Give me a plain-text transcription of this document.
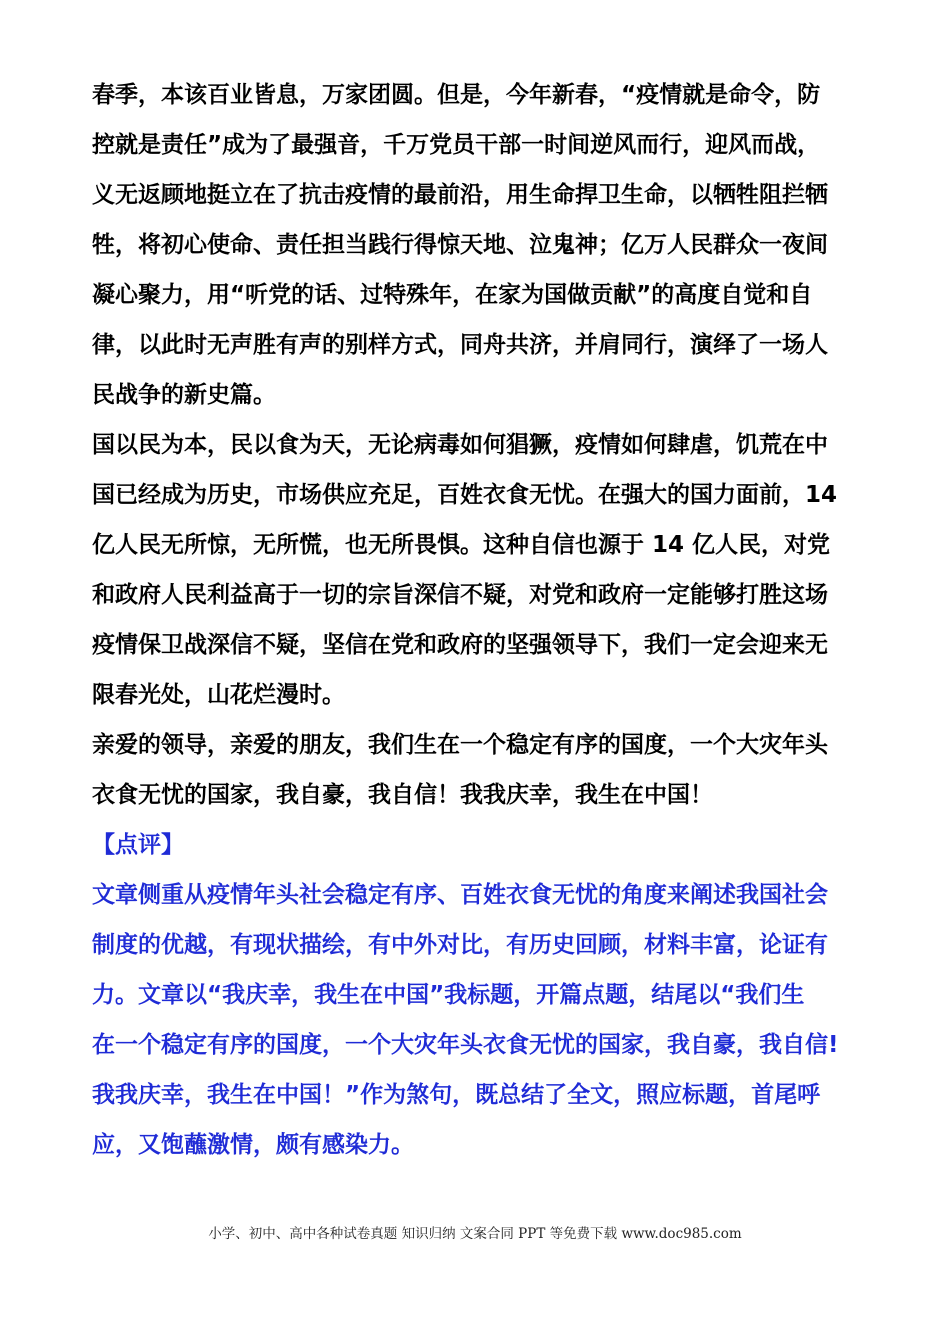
春季，本该百业皆息，万家团圆。但是，今年新春，“疫情就是命令，防
控就是责任”成为了最强音，千万党员干部一时间逆风而行，迎风而战，
义无返顾地挺立在了抗击疫情的最前沿，用生命捍卫生命，以牺牲阻拦牺
牲，将初心使命、责任担当践行得惊天地、泣鬼神；亿万人民群众一夜间
凝心聚力，用“听党的话、过特殊年，在家为国做贡献”的高度自觉和自
律，以此时无声胜有声的别样方式，同舟共济，并肩同行，演绎了一场人
民战争的新史篇。
国以民为本，民以食为天，无论病毒如何猖獗，疫情如何肆虐，饥荒在中
国已经成为历史，市场供应充足，百姓衣食无忧。在强大的国力面前，14
亿人民无所惊，无所慌，也无所畏惧。这种自信也源于 14 亿人民，对党
和政府人民利益高于一切的宗旨深信不疑，对党和政府一定能够打胜这场
疫情保卫战深信不疑，坚信在党和政府的坚强领导下，我们一定会迎来无
限春光处，山花烂漫时。
亲爱的领导，亲爱的朋友，我们生在一个稳定有序的国度，一个大灾年头
衣食无忧的国家，我自豪，我自信！我我庆幸，我生在中国！
【点评】
文章侧重从疫情年头社会稳定有序、百姓衣食无忧的角度来阐述我国社会
制度的优越，有现状描绘，有中外对比，有历史回顾，材料丰富，论证有
力。文章以“我庆幸，我生在中国”我标题，开篇点题，结尾以“我们生
在一个稳定有序的国度，一个大灾年头衣食无忧的国家，我自豪，我自信!
我我庆幸，我生在中国！”作为煞句，既总结了全文，照应标题，首尾呼
应，又饱蘸激情，颇有感染力。
小学、初中、高中各种试卷真题 知识归纳 文案合同 PPT 等免费下载 www.doc985.com
